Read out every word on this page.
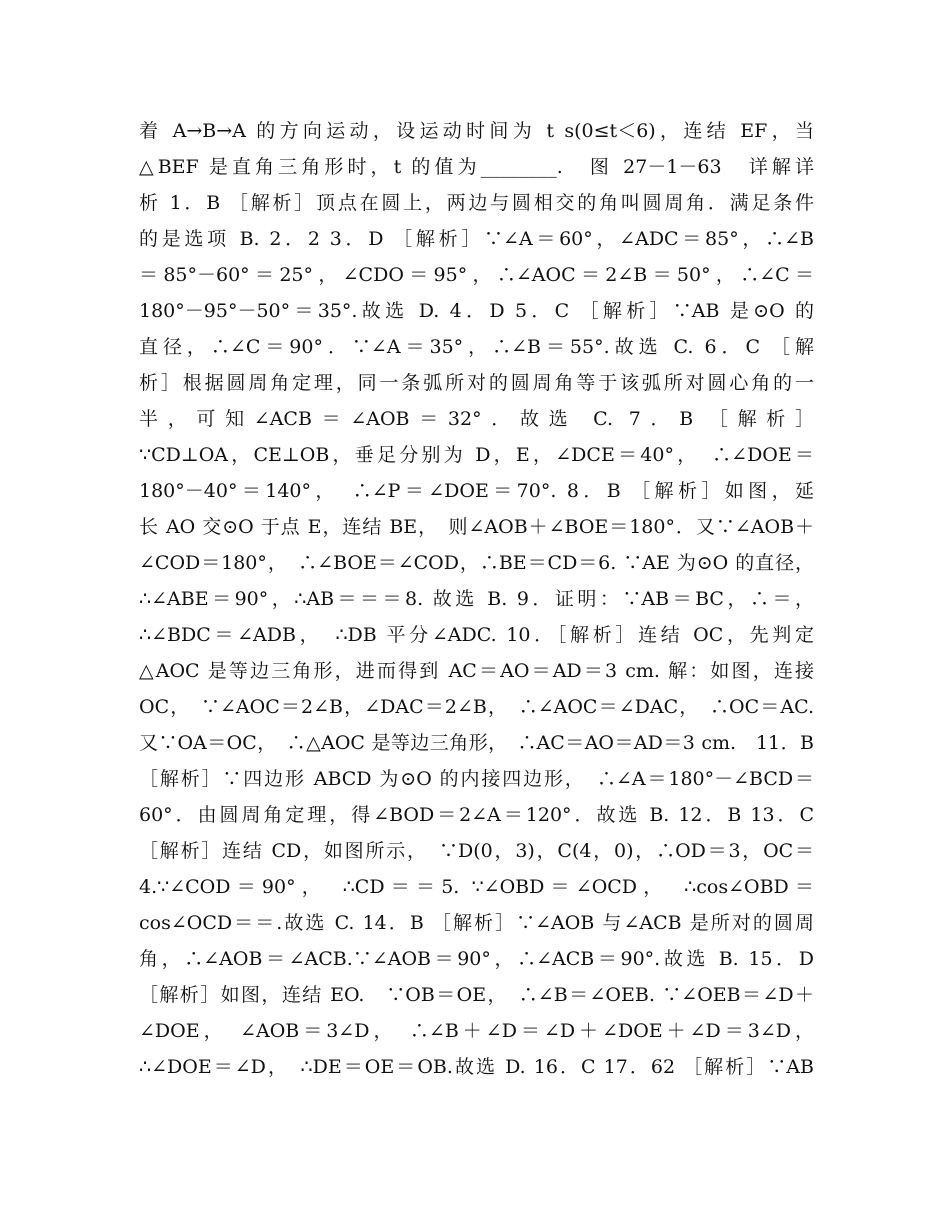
着 A→B→A 的方向运动，设运动时间为 t s(0≤t＜6)，连结 EF，当
△BEF 是直角三角形时，t 的值为________.　图 27－1－63　详解详
析 1．B ［解析］顶点在圆上，两边与圆相交的角叫圆周角．满足条件
的是选项 B. 2．2 3．D ［解析］∵∠A＝60°，∠ADC＝85°，∴∠B
＝85°－60°＝25°，∠CDO＝95°，∴∠AOC＝2∠B＝50°，∴∠C＝
180°－95°－50°＝35°.故选 D. 4．D 5．C ［解析］∵AB 是⊙O 的
直径，∴∠C＝90°．∵∠A＝35°，∴∠B＝55°.故选 C. 6．C ［解
析］根据圆周角定理，同一条弧所对的圆周角等于该弧所对圆心角的一
半，可知∠ACB＝∠AOB＝32°．故选 C. 7．B ［解析］
∵CD⊥OA，CE⊥OB，垂足分别为 D，E，∠DCE＝40°，　∴∠DOE＝
180°－40°＝140°，　∴∠P＝∠DOE＝70°. 8．B ［解析］如图，延
长 AO 交⊙O 于点 E，连结 BE，　则∠AOB＋∠BOE＝180°．又∵∠AOB＋
∠COD＝180°，　∴∠BOE＝∠COD，∴BE＝CD＝6. ∵AE 为⊙O 的直径，
∴∠ABE＝90°，∴AB＝＝＝8. 故选 B. 9．证明：∵AB＝BC，∴＝，
∴∠BDC＝∠ADB，　∴DB 平分∠ADC. 10．［解析］连结 OC，先判定
△AOC 是等边三角形，进而得到 AC＝AO＝AD＝3 cm. 解：如图，连接
OC，　∵∠AOC＝2∠B，∠DAC＝2∠B，　∴∠AOC＝∠DAC，　∴OC＝AC.
又∵OA＝OC，　∴△AOC 是等边三角形，　∴AC＝AO＝AD＝3 cm.　11．B
［解析］∵四边形 ABCD 为⊙O 的内接四边形，　∴∠A＝180°－∠BCD＝
60°．由圆周角定理，得∠BOD＝2∠A＝120°．故选 B. 12．B 13．C
［解析］连结 CD，如图所示，　∵D(0，3)，C(4，0)，∴OD＝3，OC＝
4.∵∠COD＝90°，　∴CD＝＝5. ∵∠OBD＝∠OCD，　∴cos∠OBD＝
cos∠OCD＝＝.故选 C. 14．B ［解析］∵∠AOB 与∠ACB 是所对的圆周
角，∴∠AOB＝∠ACB.∵∠AOB＝90°，∴∠ACB＝90°.故选 B. 15．D
［解析］如图，连结 EO.　∵OB＝OE，　∴∠B＝∠OEB. ∵∠OEB＝∠D＋
∠DOE，　∠AOB＝3∠D，　∴∠B＋∠D＝∠D＋∠DOE＋∠D＝3∠D，
∴∠DOE＝∠D，　∴DE＝OE＝OB.故选 D. 16．C 17．62 ［解析］∵AB
